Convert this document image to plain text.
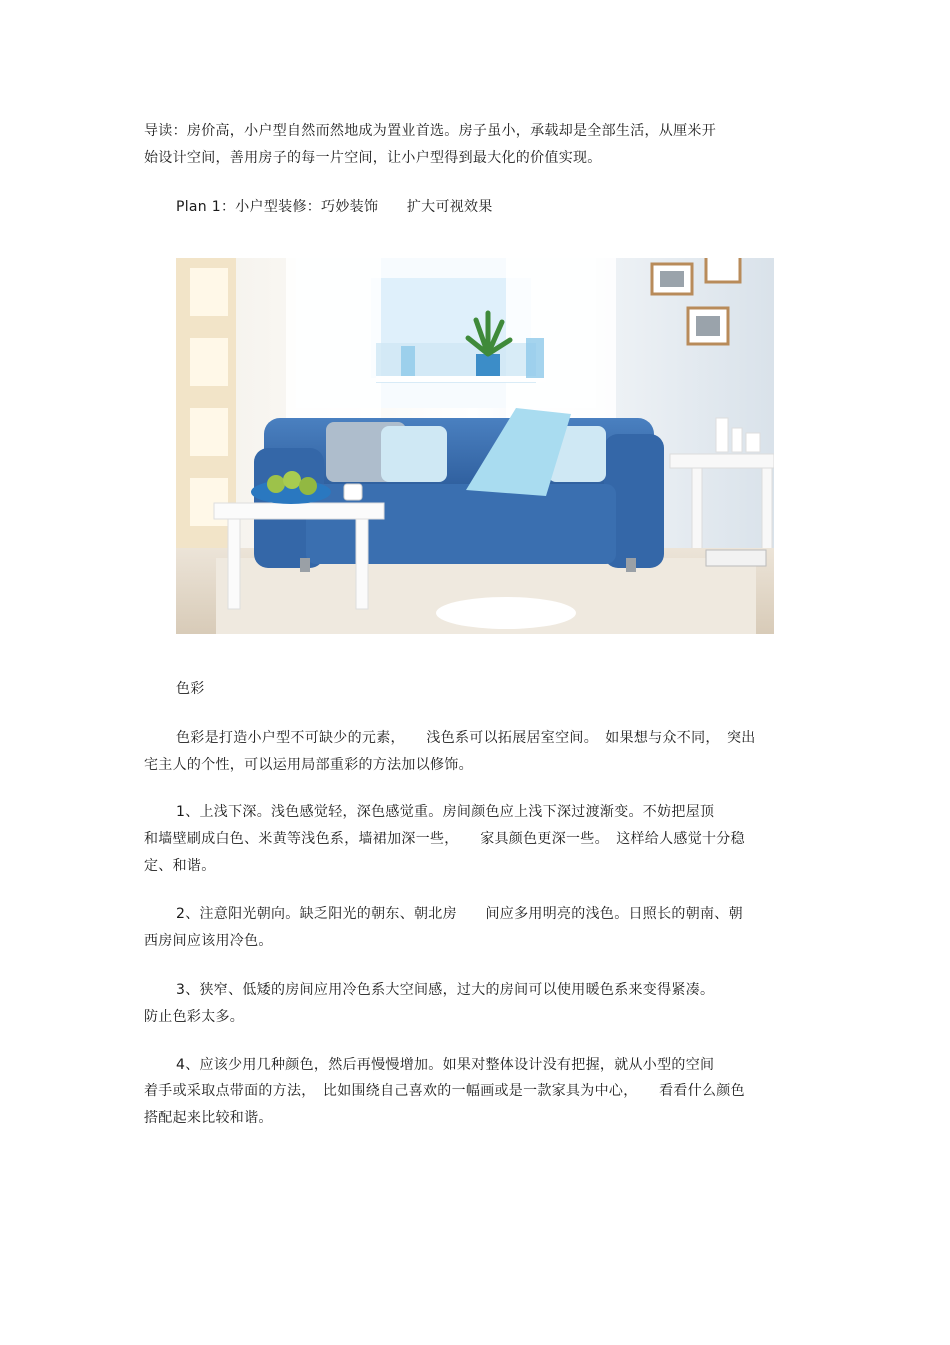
导读：房价高，小户型自然而然地成为置业首选。房子虽小，承载却是全部生活，从厘米开
始设计空间，善用房子的每一片空间，让小户型得到最大化的价值实现。
Plan 1：小户型装修：巧妙装饰　　扩大可视效果
色彩
色彩是打造小户型不可缺少的元素，　　浅色系可以拓展居室空间。　如果想与众不同，　突出
宅主人的个性，可以运用局部重彩的方法加以修饰。
1、上浅下深。浅色感觉轻，深色感觉重。房间颜色应上浅下深过渡渐变。不妨把屋顶
和墙壁刷成白色、米黄等浅色系，墙裙加深一些，　　家具颜色更深一些。　这样给人感觉十分稳
定、和谐。
2、注意阳光朝向。缺乏阳光的朝东、朝北房　　间应多用明亮的浅色。日照长的朝南、朝
西房间应该用冷色。
3、狭窄、低矮的房间应用冷色系大空间感，过大的房间可以使用暖色系来变得紧凑。
防止色彩太多。
4、应该少用几种颜色，然后再慢慢增加。如果对整体设计没有把握，就从小型的空间
着手或采取点带面的方法，　比如围绕自己喜欢的一幅画或是一款家具为中心，　　看看什么颜色
搭配起来比较和谐。
